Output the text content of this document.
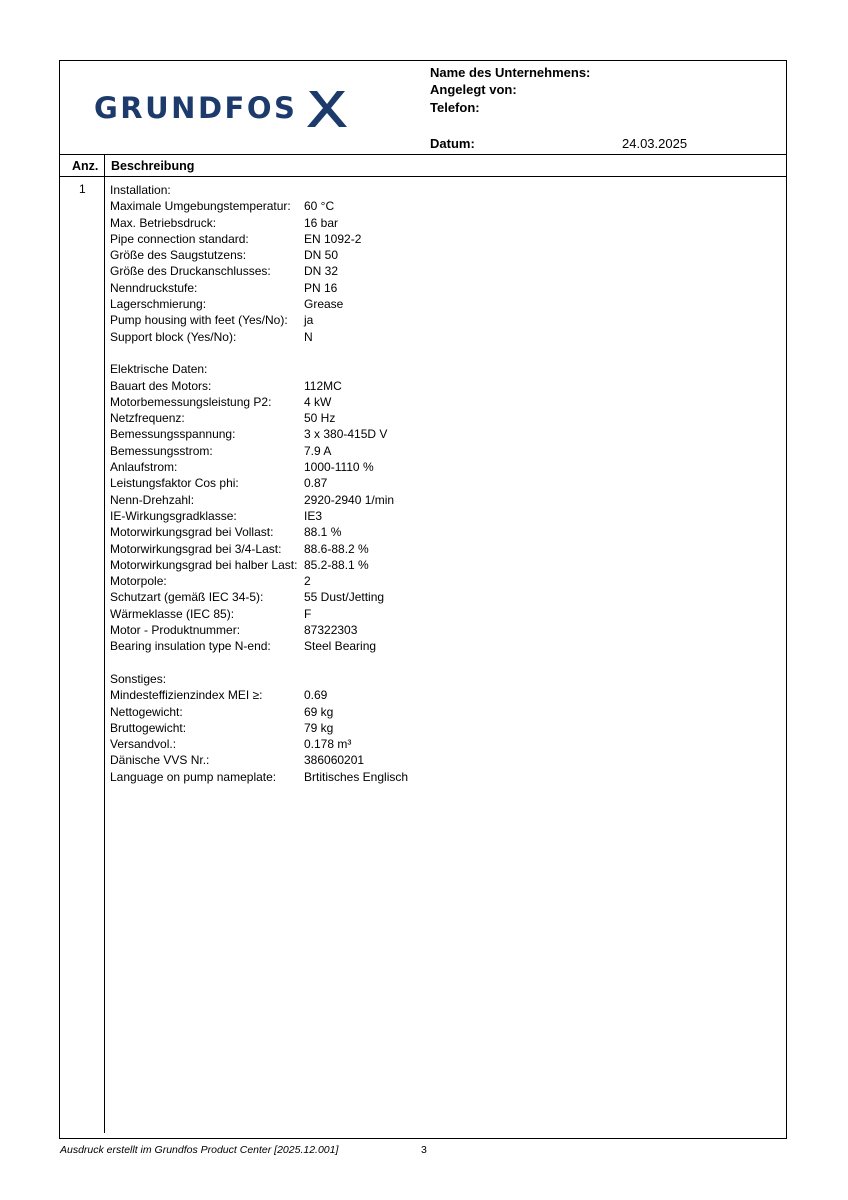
GRUNDFOS
Name des Unternehmens:
Angelegt von:
Telefon:
Datum:	24.03.2025
Anz. Beschreibung
1 Installation:
Maximale Umgebungstemperatur:	60 °C
Max. Betriebsdruck:	16 bar
Pipe connection standard:	EN 1092-2
Größe des Saugstutzens:	DN 50
Größe des Druckanschlusses:	DN 32
Nenndruckstufe:	PN 16
Lagerschmierung:	Grease
Pump housing with feet (Yes/No):	ja
Support block (Yes/No):	N
Elektrische Daten:
Bauart des Motors:	112MC
Motorbemessungsleistung P2:	4 kW
Netzfrequenz:	50 Hz
Bemessungsspannung:	3 x 380-415D V
Bemessungsstrom:	7.9 A
Anlaufstrom:	1000-1110 %
Leistungsfaktor Cos phi:	0.87
Nenn-Drehzahl:	2920-2940 1/min
IE-Wirkungsgradklasse:	IE3
Motorwirkungsgrad bei Vollast:	88.1 %
Motorwirkungsgrad bei 3/4-Last:	88.6-88.2 %
Motorwirkungsgrad bei halber Last: 85.2-88.1 %
Motorpole:	2
Schutzart (gemäß IEC 34-5):	55 Dust/Jetting
Wärmeklasse (IEC 85):	F
Motor - Produktnummer:	87322303
Bearing insulation type N-end:	Steel Bearing
Sonstiges:
Mindesteffizienzindex MEI ≥:	0.69
Nettogewicht:	69 kg
Bruttogewicht:	79 kg
Versandvol.:	0.178 m³
Dänische VVS Nr.:	386060201
Language on pump nameplate:	Brtitisches Englisch
Ausdruck erstellt im Grundfos Product Center [2025.12.001]	3
